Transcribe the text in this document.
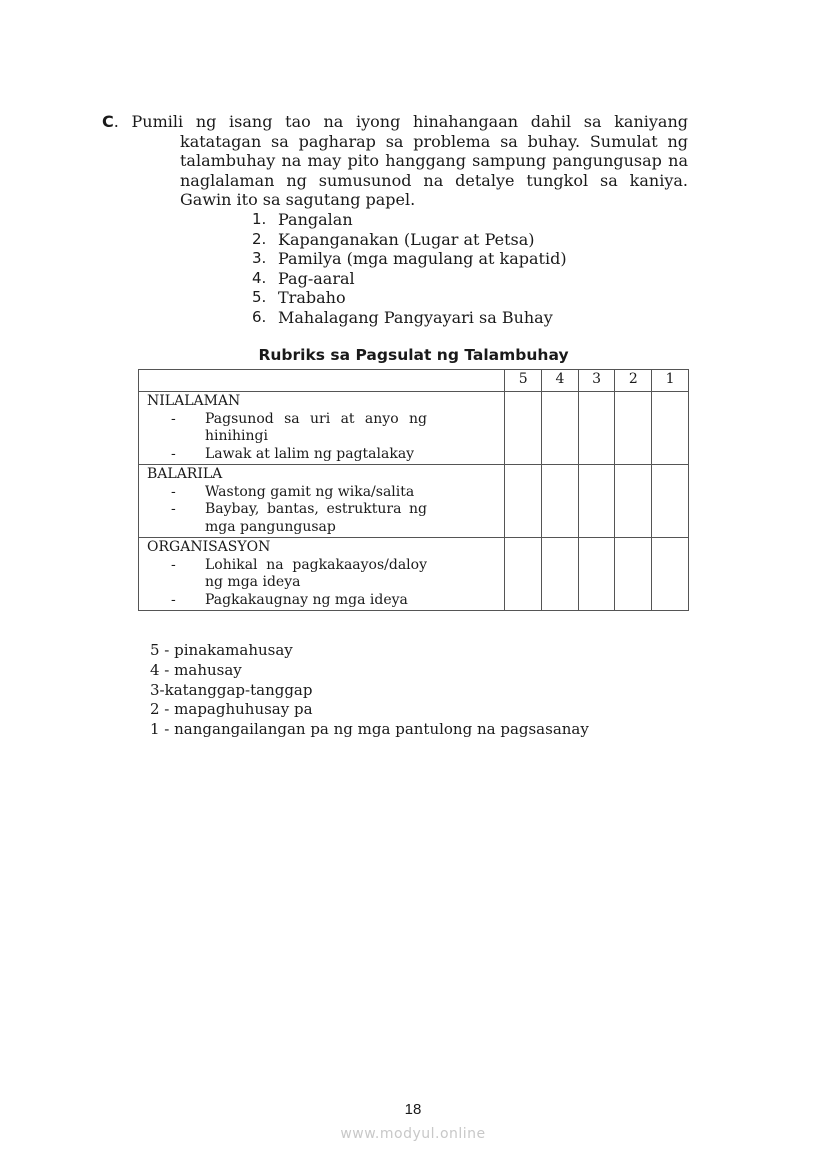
C. Pumili ng isang tao na iyong hinahangaan dahil sa kaniyang
katatagan sa pagharap sa problema sa buhay. Sumulat ng talambuhay na may pito hanggang sampung pangungusap na naglalaman ng sumusunod na detalye tungkol sa kaniya. Gawin ito sa sagutang papel.
1. Pangalan
2. Kapanganakan (Lugar at Petsa)
3. Pamilya (mga magulang at kapatid)
4. Pag-aaral
5. Trabaho
6. Mahalagang Pangyayari sa Buhay
Rubriks sa Pagsulat ng Talambuhay
	5	4	3	2	1

NILALAMAN
- Pagsunod sa uri at anyo ng hinihingi
- Lawak at lalim ng pagtalakay					

BALARILA
- Wastong gamit ng wika/salita
- Baybay, bantas, estruktura ng mga pangungusap					

ORGANISASYON
- Lohikal na pagkakaayos/daloy ng mga ideya
- Pagkakaugnay ng mga ideya					

5 - pinakamahusay
4 - mahusay
3-katanggap-tanggap
2 - mapaghuhusay pa
1 - nangangailangan pa ng mga pantulong na pagsasanay
18
www.modyul.online
